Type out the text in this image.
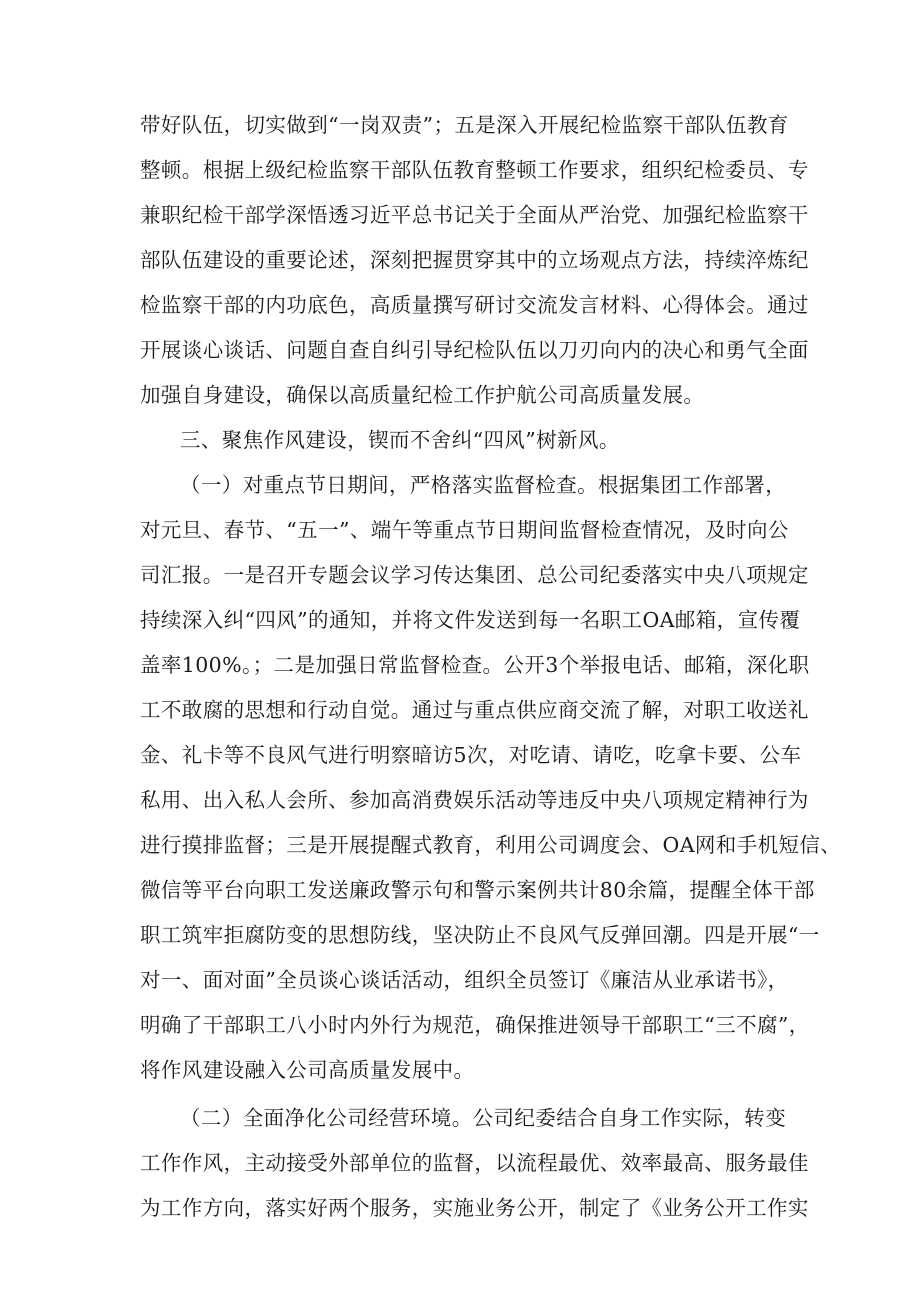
带好队伍，切实做到“一岗双责”；五是深入开展纪检监察干部队伍教育
整顿。根据上级纪检监察干部队伍教育整顿工作要求，组织纪检委员、专
兼职纪检干部学深悟透习近平总书记关于全面从严治党、加强纪检监察干
部队伍建设的重要论述，深刻把握贯穿其中的立场观点方法，持续淬炼纪
检监察干部的内功底色，高质量撰写研讨交流发言材料、心得体会。通过
开展谈心谈话、问题自查自纠引导纪检队伍以刀刃向内的决心和勇气全面
加强自身建设，确保以高质量纪检工作护航公司高质量发展。
三、聚焦作风建设，锲而不舍纠“四风”树新风。
（一）对重点节日期间，严格落实监督检查。根据集团工作部署，
对元旦、春节、“五一”、端午等重点节日期间监督检查情况，及时向公
司汇报。一是召开专题会议学习传达集团、总公司纪委落实中央八项规定
持续深入纠“四风”的通知，并将文件发送到每一名职工OA邮箱，宣传覆
盖率100%。；二是加强日常监督检查。公开3个举报电话、邮箱，深化职
工不敢腐的思想和行动自觉。通过与重点供应商交流了解，对职工收送礼
金、礼卡等不良风气进行明察暗访5次，对吃请、请吃，吃拿卡要、公车
私用、出入私人会所、参加高消费娱乐活动等违反中央八项规定精神行为
进行摸排监督；三是开展提醒式教育，利用公司调度会、OA网和手机短信、
微信等平台向职工发送廉政警示句和警示案例共计80余篇，提醒全体干部
职工筑牢拒腐防变的思想防线，坚决防止不良风气反弹回潮。四是开展“一
对一、面对面”全员谈心谈话活动，组织全员签订《廉洁从业承诺书》，
明确了干部职工八小时内外行为规范，确保推进领导干部职工“三不腐”，
将作风建设融入公司高质量发展中。
（二）全面净化公司经营环境。公司纪委结合自身工作实际，转变
工作作风，主动接受外部单位的监督，以流程最优、效率最高、服务最佳
为工作方向，落实好两个服务，实施业务公开，制定了《业务公开工作实
